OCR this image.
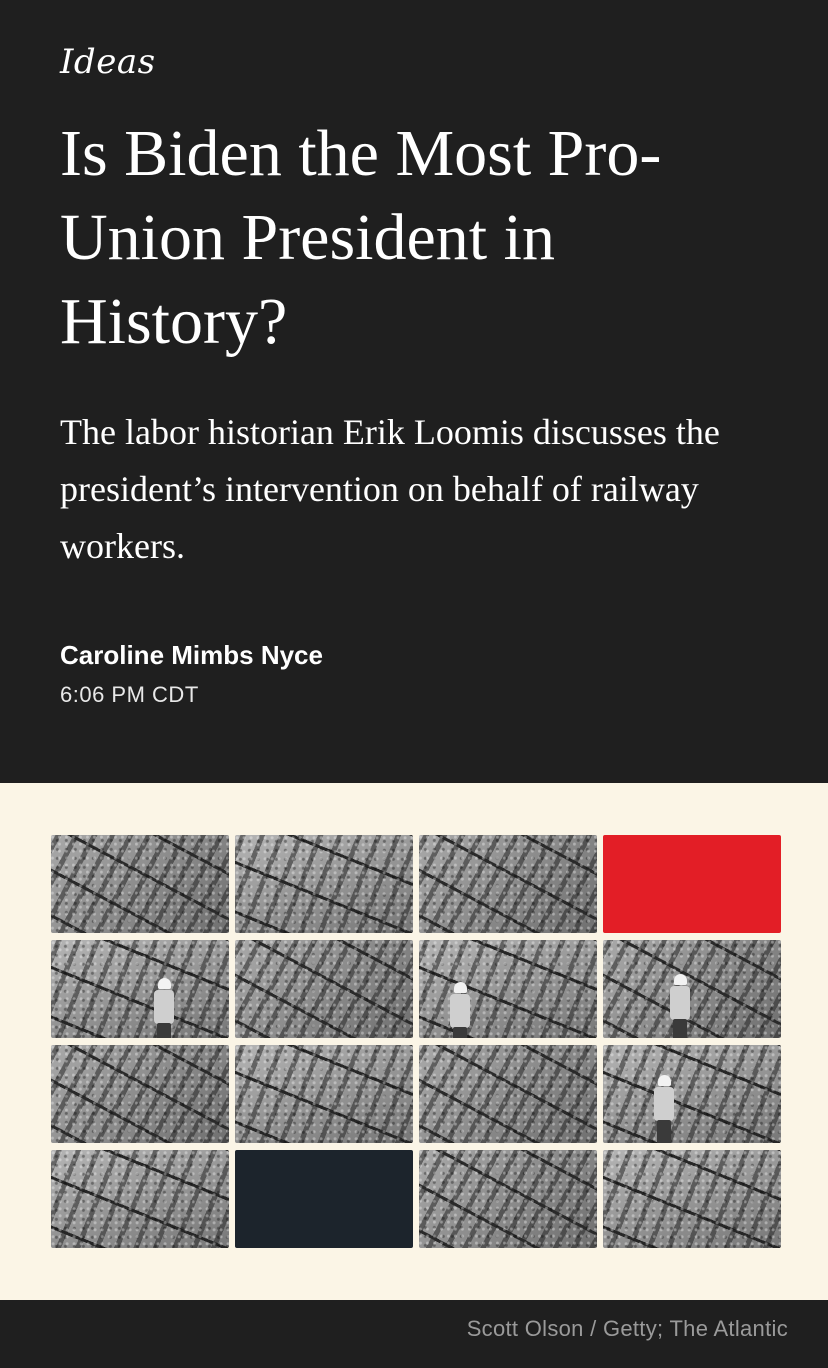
Ideas
Is Biden the Most Pro-Union President in History?

The labor historian Erik Loomis discusses the president’s intervention on behalf of railway workers.

Caroline Mimbs Nyce
6:06 PM CDT
Scott Olson / Getty; The Atlantic
